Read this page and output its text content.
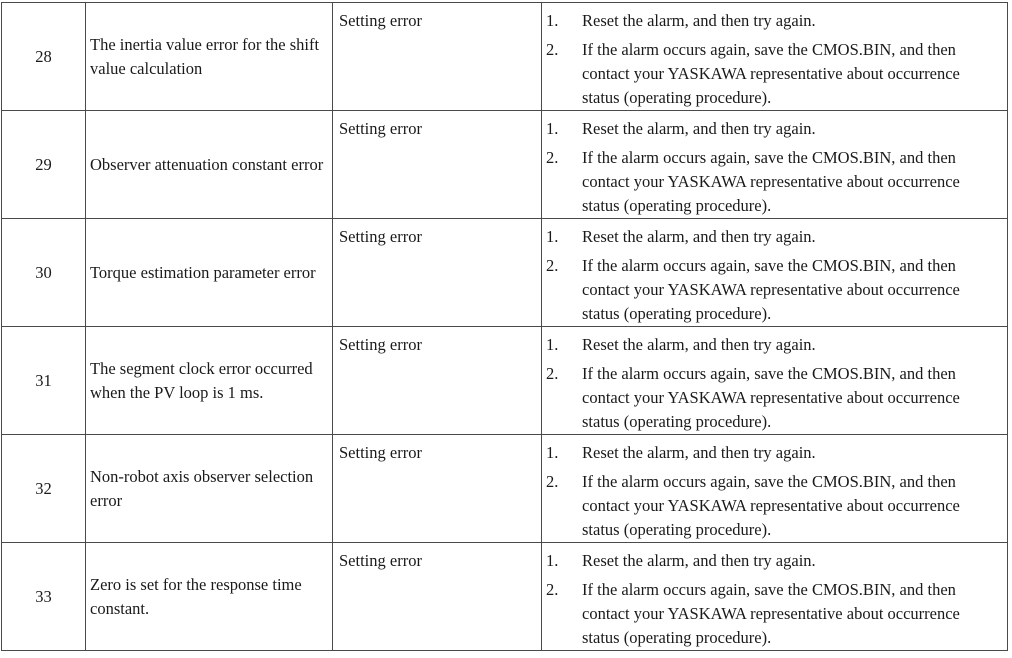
28	The inertia value error for the shift value calculation	Setting error	1. Reset the alarm, and then try again.
2. If the alarm occurs again, save the CMOS.BIN, and then contact your YASKAWA representative about occurrence status (operating procedure).

29	Observer attenuation constant error	Setting error	1. Reset the alarm, and then try again.
2. If the alarm occurs again, save the CMOS.BIN, and then contact your YASKAWA representative about occurrence status (operating procedure).

30	Torque estimation parameter error	Setting error	1. Reset the alarm, and then try again.
2. If the alarm occurs again, save the CMOS.BIN, and then contact your YASKAWA representative about occurrence status (operating procedure).

31	The segment clock error occurred when the PV loop is 1 ms.	Setting error	1. Reset the alarm, and then try again.
2. If the alarm occurs again, save the CMOS.BIN, and then contact your YASKAWA representative about occurrence status (operating procedure).

32	Non-robot axis observer selection error	Setting error	1. Reset the alarm, and then try again.
2. If the alarm occurs again, save the CMOS.BIN, and then contact your YASKAWA representative about occurrence status (operating procedure).

33	Zero is set for the response time constant.	Setting error	1. Reset the alarm, and then try again.
2. If the alarm occurs again, save the CMOS.BIN, and then contact your YASKAWA representative about occurrence status (operating procedure).
